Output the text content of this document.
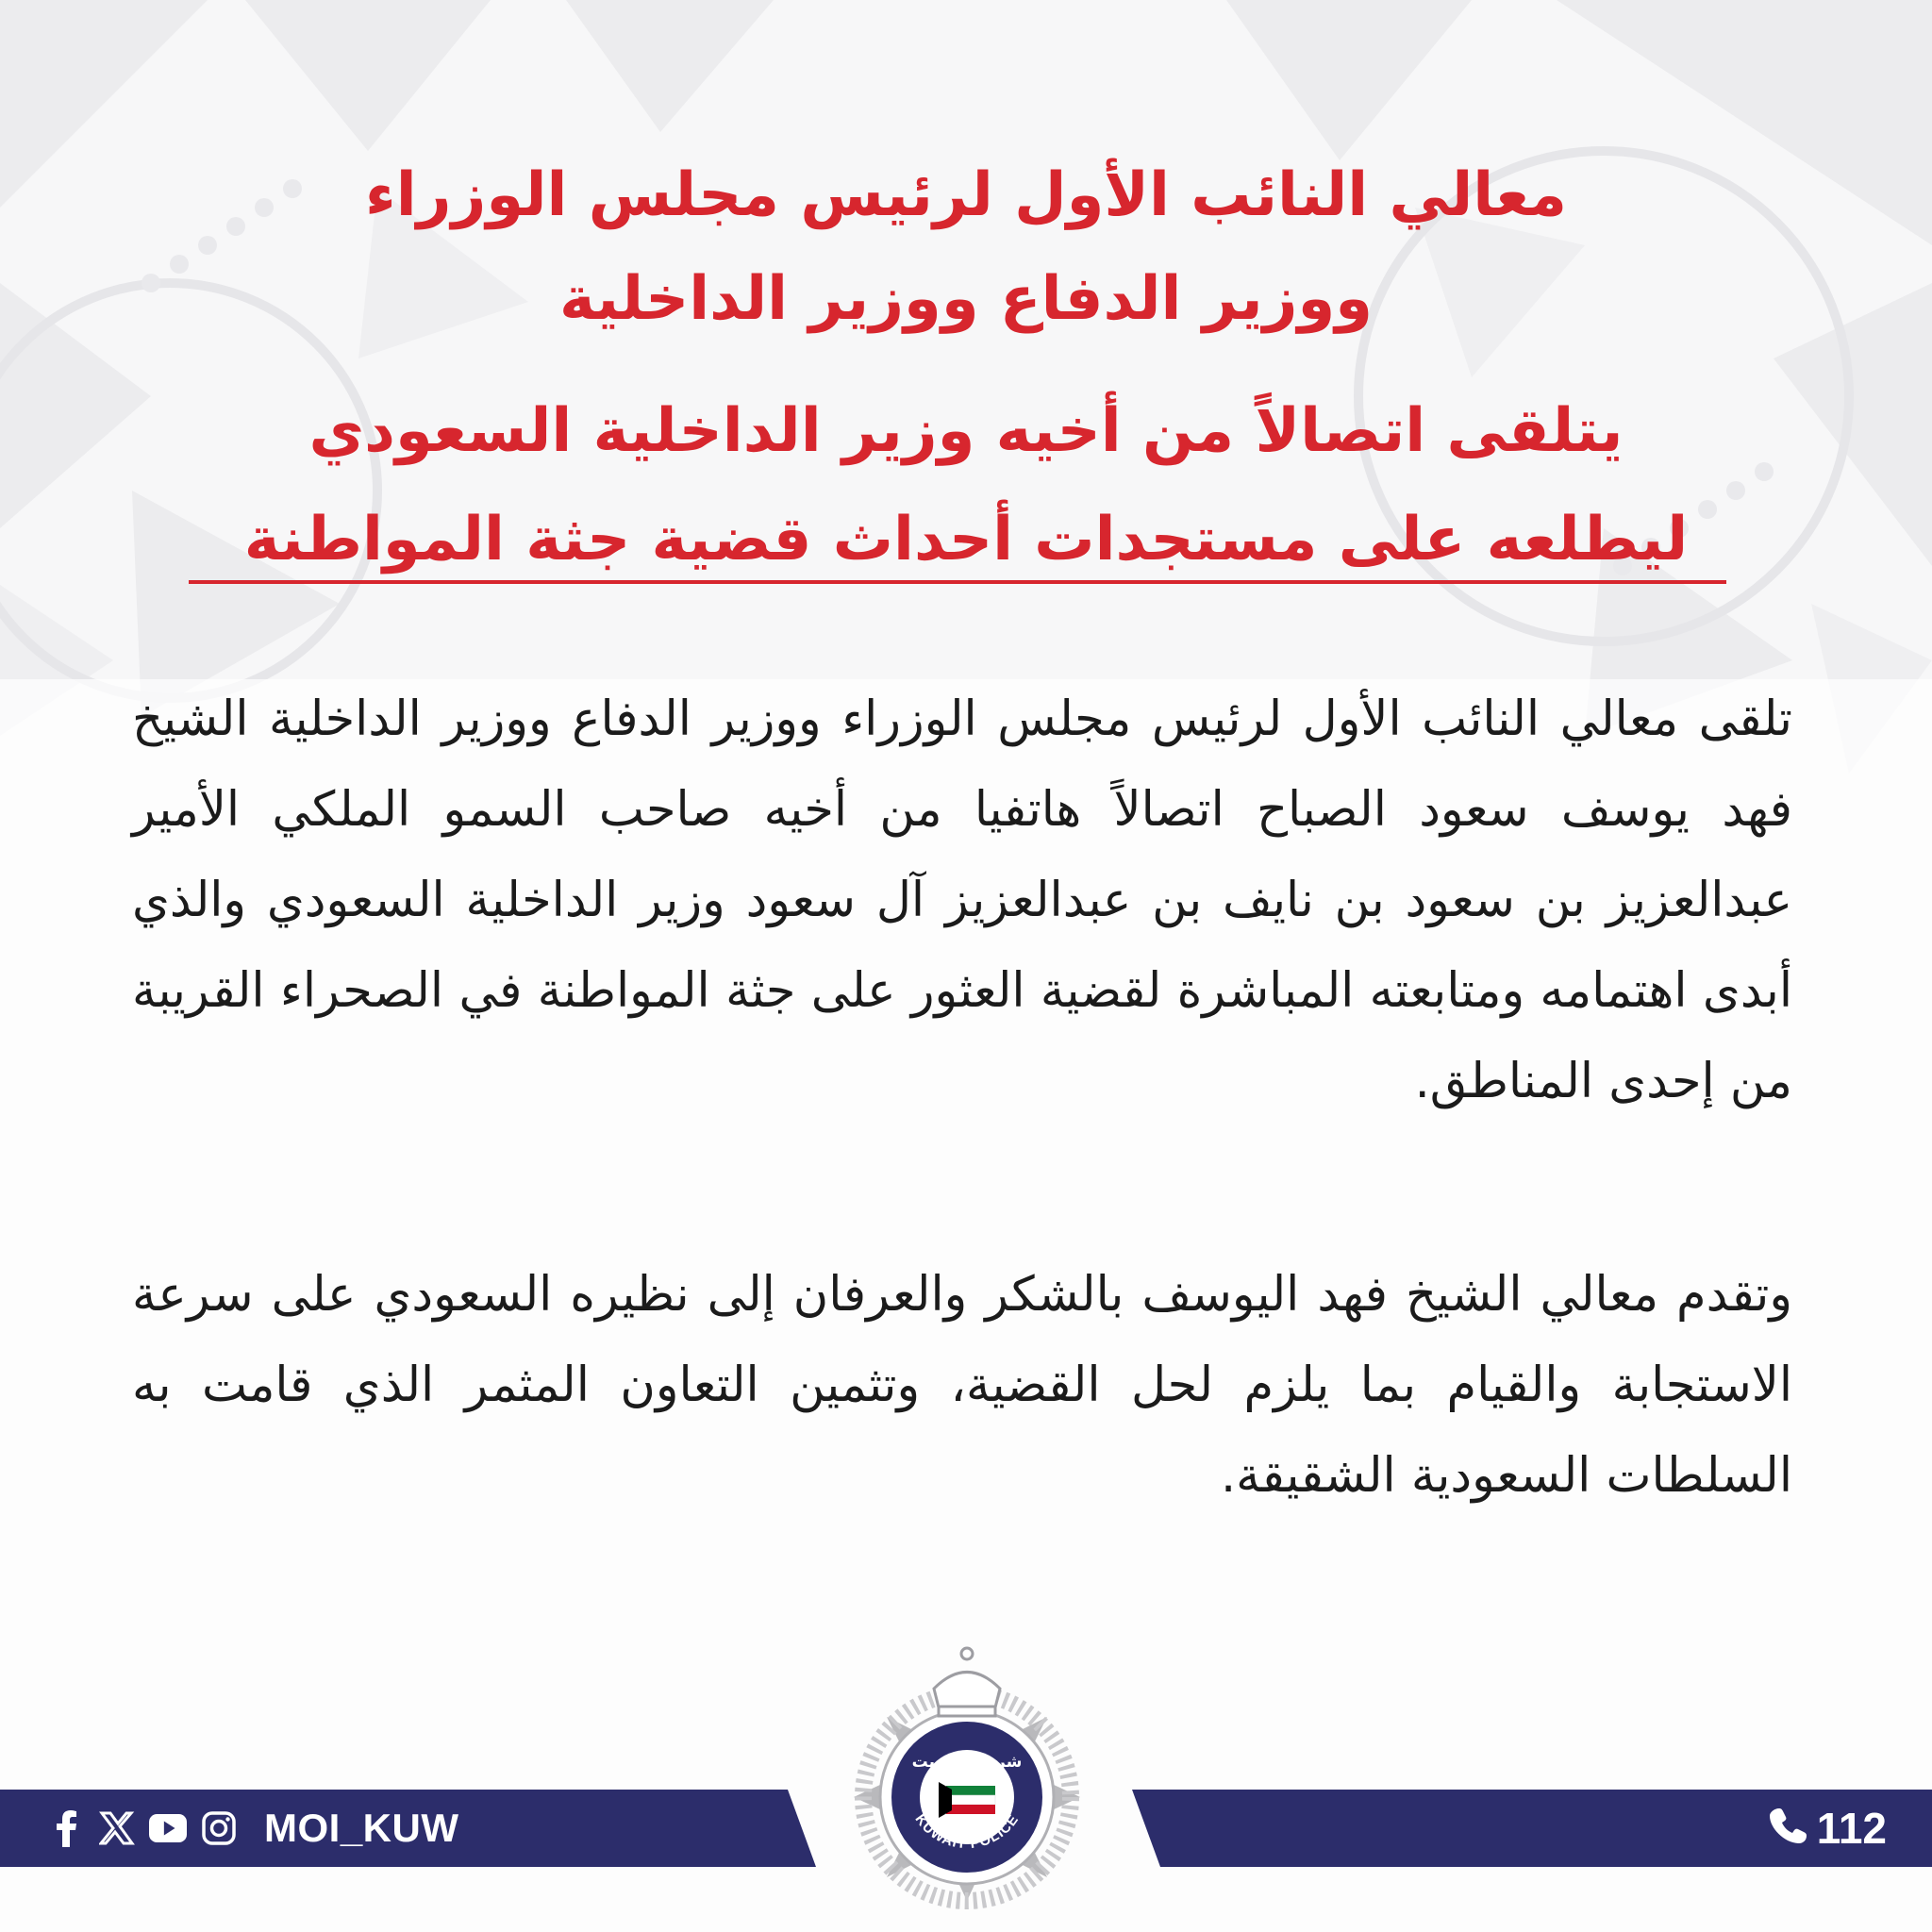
معالي النائب الأول لرئيس مجلس الوزراء
ووزير الدفاع ووزير الداخلية
يتلقى اتصالاً من أخيه وزير الداخلية السعودي
ليطلعه على مستجدات أحداث قضية جثة المواطنة

تلقى معالي النائب الأول لرئيس مجلس الوزراء ووزير الدفاع ووزير الداخلية الشيخ فهد يوسف سعود الصباح اتصالاً هاتفيا من أخيه صاحب السمو الملكي الأمير عبدالعزيز بن سعود بن نايف بن عبدالعزيز آل سعود وزير الداخلية السعودي والذي أبدى اهتمامه ومتابعته المباشرة لقضية العثور على جثة المواطنة في الصحراء القريبة من إحدى المناطق.

وتقدم معالي الشيخ فهد اليوسف بالشكر والعرفان إلى نظيره السعودي على سرعة الاستجابة والقيام بما يلزم لحل القضية، وتثمين التعاون المثمر الذي قامت به السلطات السعودية الشقيقة.

MOI_KUW	112
شرطة الكويت
KUWAIT POLICE
